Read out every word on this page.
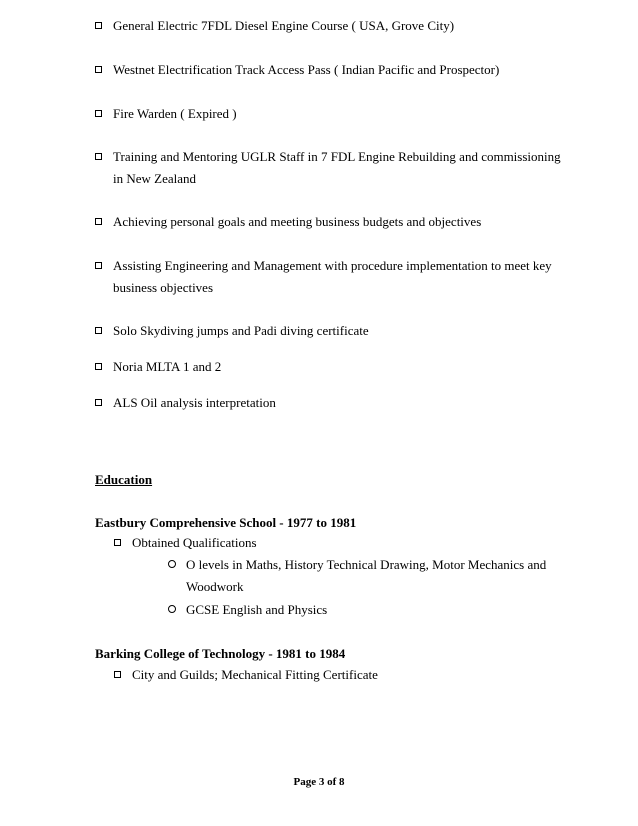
General Electric 7FDL Diesel Engine Course ( USA, Grove City)
Westnet Electrification Track Access Pass ( Indian Pacific and Prospector)
Fire Warden ( Expired )
Training and Mentoring UGLR Staff in 7 FDL Engine Rebuilding and commissioning in New Zealand
Achieving personal goals and meeting business budgets and objectives
Assisting Engineering and Management with procedure implementation to meet key business objectives
Solo Skydiving jumps and Padi diving certificate
Noria MLTA 1 and 2
ALS Oil analysis interpretation
Education
Eastbury Comprehensive School - 1977 to 1981
Obtained Qualifications
O levels in Maths, History Technical Drawing, Motor Mechanics and Woodwork
GCSE English and Physics
Barking College of Technology - 1981 to 1984
City and Guilds; Mechanical Fitting Certificate
Page 3 of 8
